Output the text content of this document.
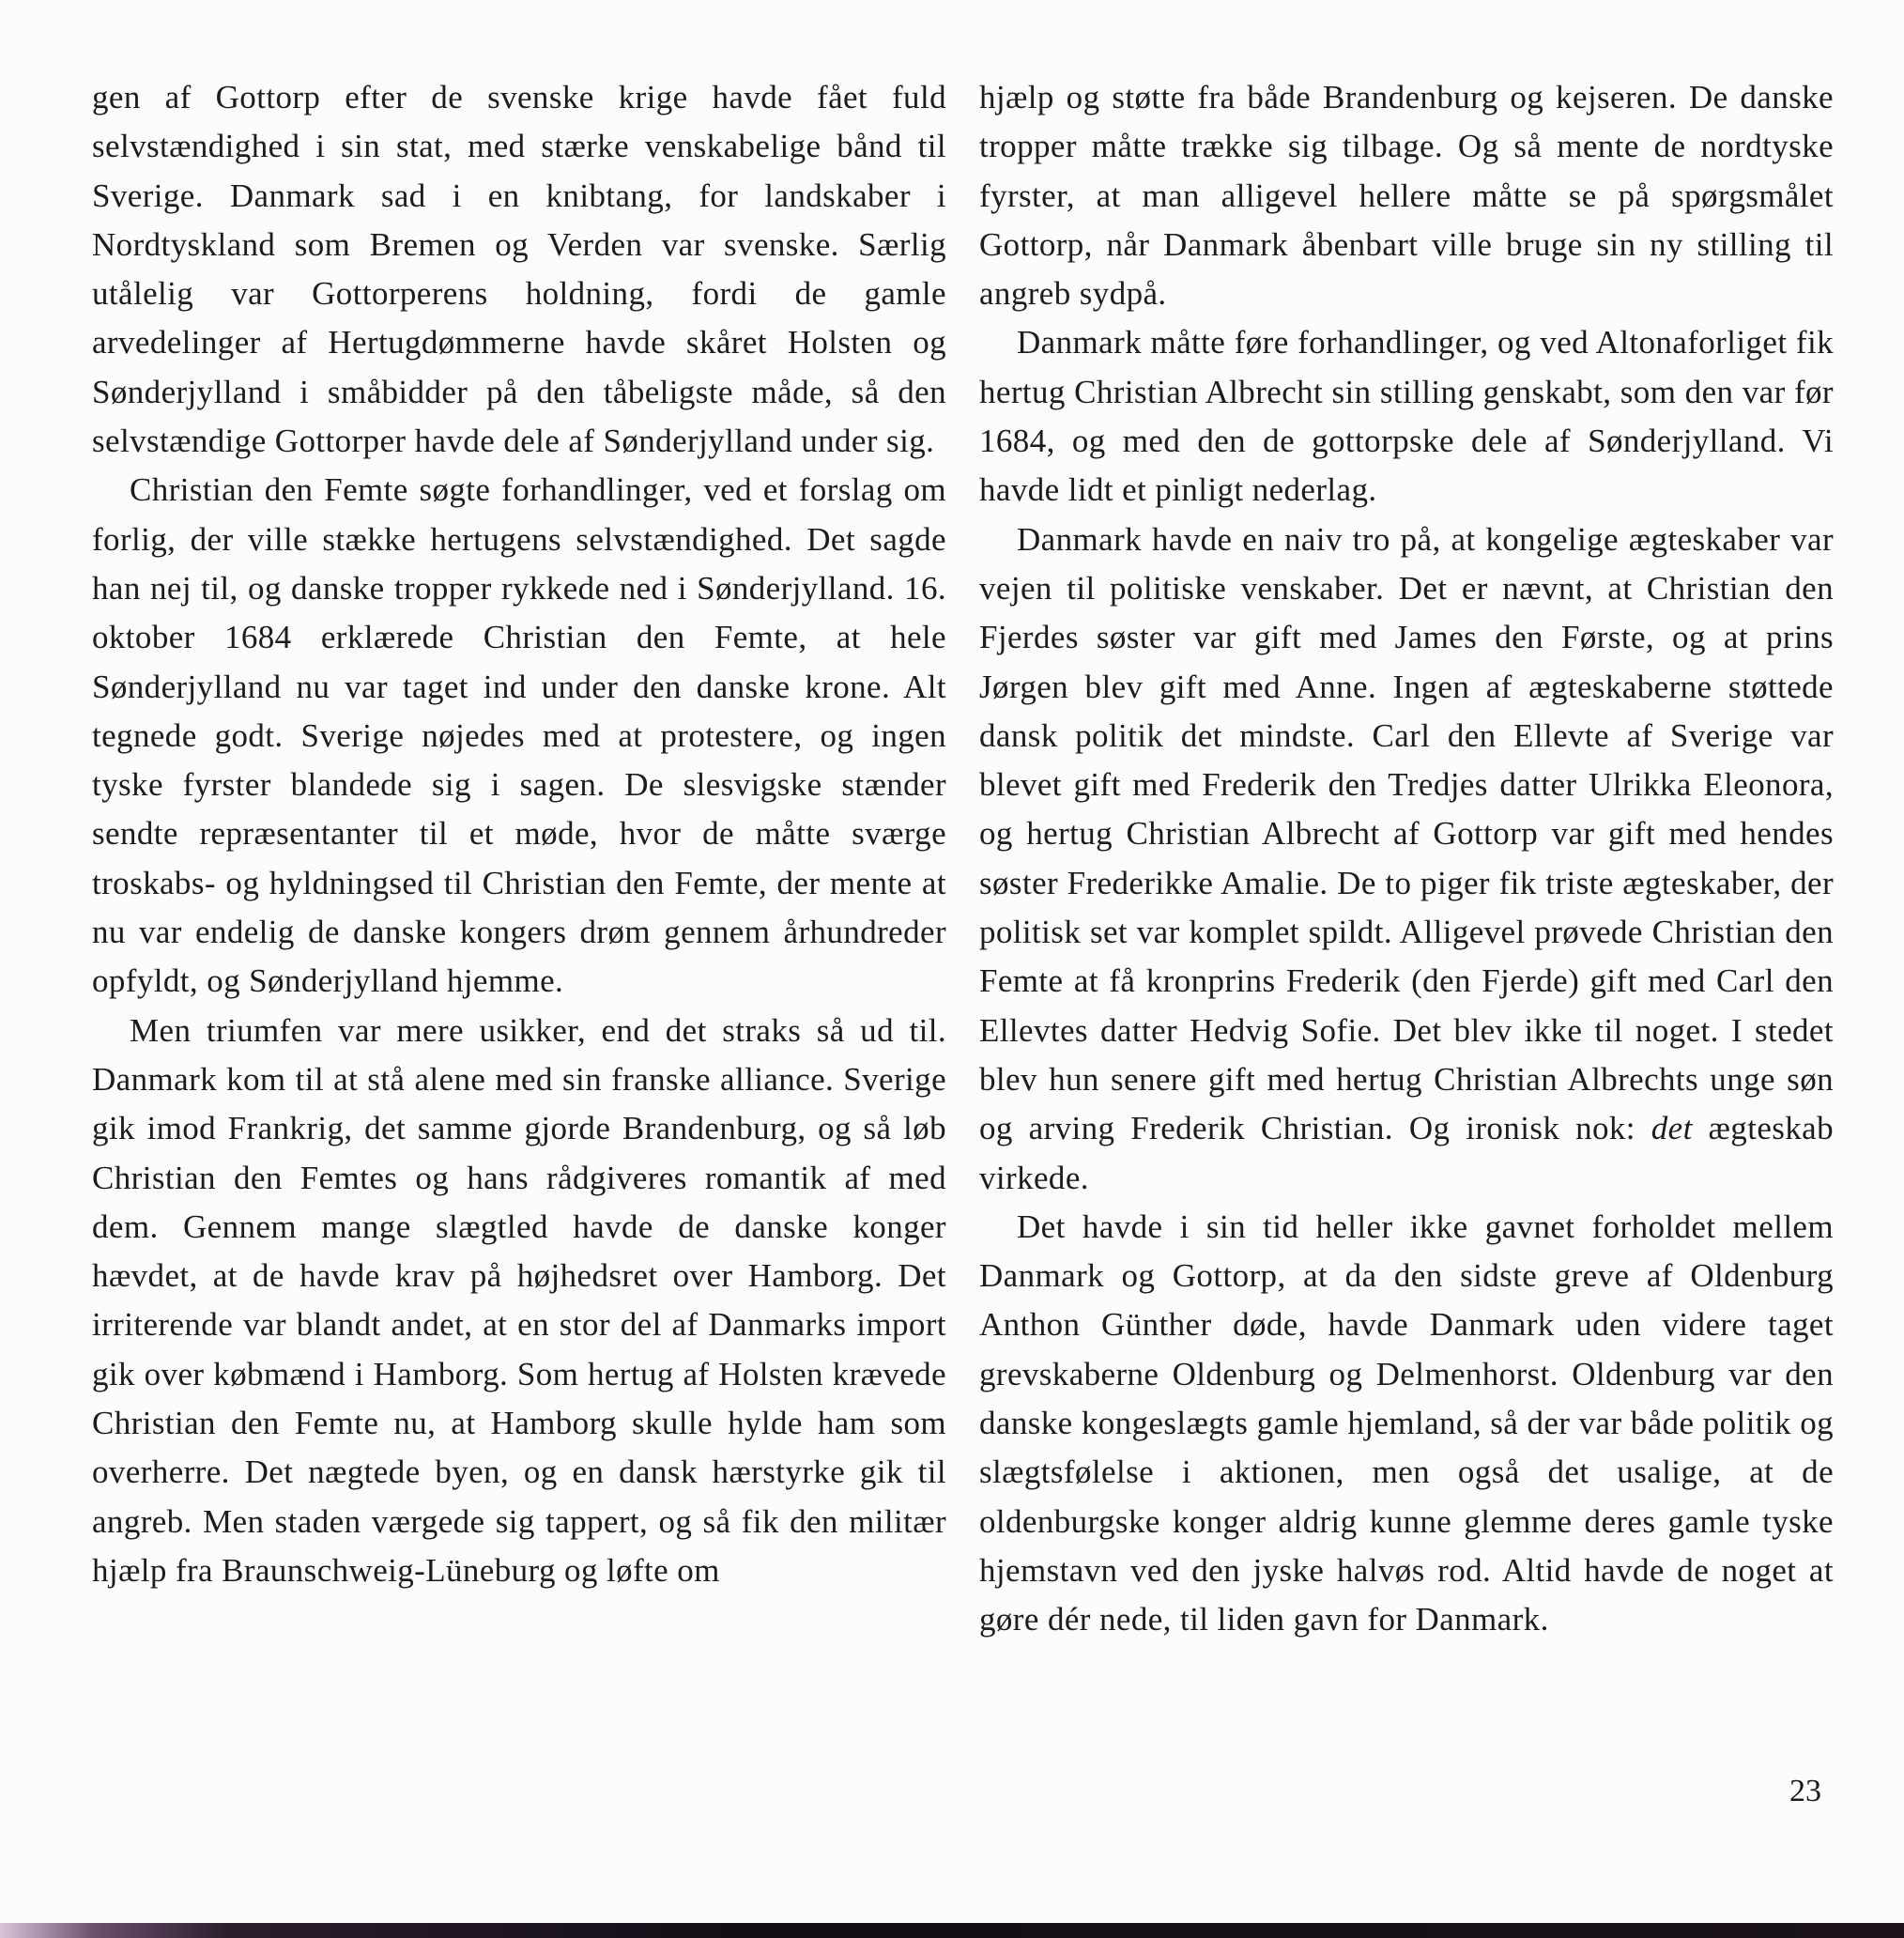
gen af Gottorp efter de svenske krige havde fået fuld selvstændighed i sin stat, med stærke venskabelige bånd til Sverige. Danmark sad i en knibtang, for landskaber i Nordtyskland som Bremen og Verden var svenske. Særlig utålelig var Gottorperens holdning, fordi de gamle arvedelinger af Hertugdømmerne havde skåret Holsten og Sønderjylland i småbidder på den tåbeligste måde, så den selvstændige Gottorper havde dele af Sønderjylland under sig.

Christian den Femte søgte forhandlinger, ved et forslag om forlig, der ville stække hertugens selvstændighed. Det sagde han nej til, og danske tropper rykkede ned i Sønderjylland. 16. oktober 1684 erklærede Christian den Femte, at hele Sønderjylland nu var taget ind under den danske krone. Alt tegnede godt. Sverige nøjedes med at protestere, og ingen tyske fyrster blandede sig i sagen. De slesvigske stænder sendte repræsentanter til et møde, hvor de måtte sværge troskabs- og hyldningsed til Christian den Femte, der mente at nu var endelig de danske kongers drøm gennem århundreder opfyldt, og Sønderjylland hjemme.

Men triumfen var mere usikker, end det straks så ud til. Danmark kom til at stå alene med sin franske alliance. Sverige gik imod Frankrig, det samme gjorde Brandenburg, og så løb Christian den Femtes og hans rådgiveres romantik af med dem. Gennem mange slægtled havde de danske konger hævdet, at de havde krav på højhedsret over Hamborg. Det irriterende var blandt andet, at en stor del af Danmarks import gik over købmænd i Hamborg. Som hertug af Holsten krævede Christian den Femte nu, at Hamborg skulle hylde ham som overherre. Det nægtede byen, og en dansk hærstyrke gik til angreb. Men staden værgede sig tappert, og så fik den militær hjælp fra Braunschweig-Lüneburg og løfte om

hjælp og støtte fra både Brandenburg og kejseren. De danske tropper måtte trække sig tilbage. Og så mente de nordtyske fyrster, at man alligevel hellere måtte se på spørgsmålet Gottorp, når Danmark åbenbart ville bruge sin ny stilling til angreb sydpå.

Danmark måtte føre forhandlinger, og ved Altonaforliget fik hertug Christian Albrecht sin stilling genskabt, som den var før 1684, og med den de gottorpske dele af Sønderjylland. Vi havde lidt et pinligt nederlag.

Danmark havde en naiv tro på, at kongelige ægteskaber var vejen til politiske venskaber. Det er nævnt, at Christian den Fjerdes søster var gift med James den Første, og at prins Jørgen blev gift med Anne. Ingen af ægteskaberne støttede dansk politik det mindste. Carl den Ellevte af Sverige var blevet gift med Frederik den Tredjes datter Ulrikka Eleonora, og hertug Christian Albrecht af Gottorp var gift med hendes søster Frederikke Amalie. De to piger fik triste ægteskaber, der politisk set var komplet spildt. Alligevel prøvede Christian den Femte at få kronprins Frederik (den Fjerde) gift med Carl den Ellevtes datter Hedvig Sofie. Det blev ikke til noget. I stedet blev hun senere gift med hertug Christian Albrechts unge søn og arving Frederik Christian. Og ironisk nok: det ægteskab virkede.

Det havde i sin tid heller ikke gavnet forholdet mellem Danmark og Gottorp, at da den sidste greve af Oldenburg Anthon Günther døde, havde Danmark uden videre taget grevskaberne Oldenburg og Delmenhorst. Oldenburg var den danske kongeslægts gamle hjemland, så der var både politik og slægtsfølelse i aktionen, men også det usalige, at de oldenburgske konger aldrig kunne glemme deres gamle tyske hjemstavn ved den jyske halvøs rod. Altid havde de noget at gøre dér nede, til liden gavn for Danmark.

23
